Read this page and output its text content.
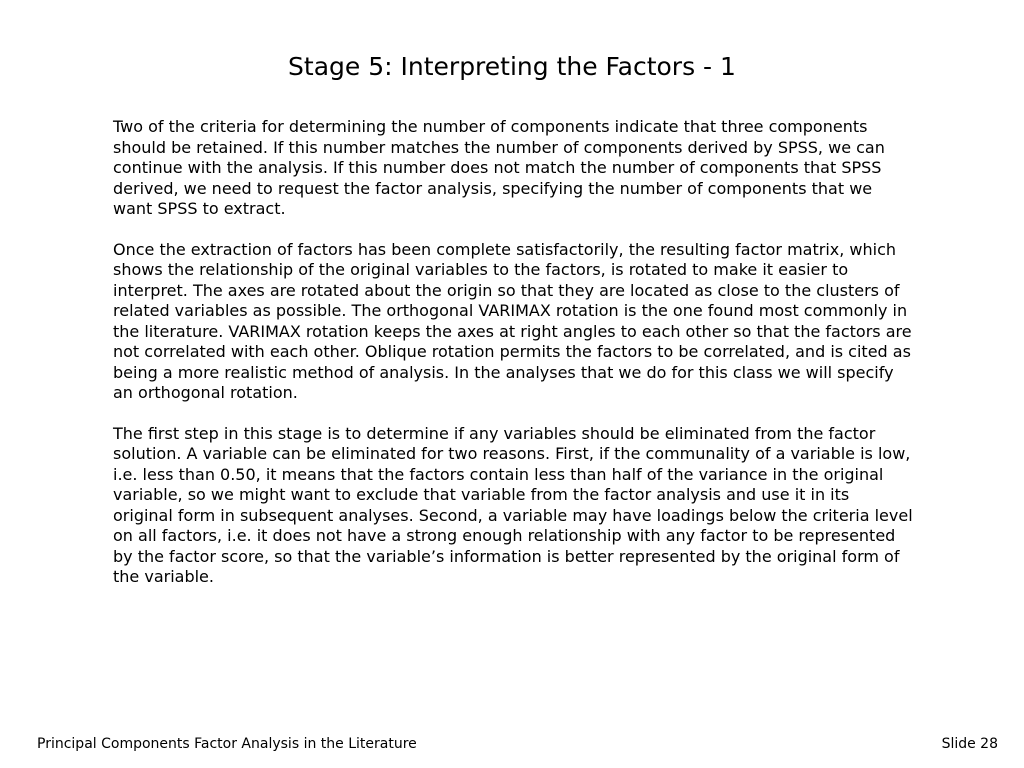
Stage 5: Interpreting the Factors - 1

Two of the criteria for determining the number of components indicate that three components should be retained. If this number matches the number of components derived by SPSS, we can continue with the analysis. If this number does not match the number of components that SPSS derived, we need to request the factor analysis, specifying the number of components that we want SPSS to extract.

Once the extraction of factors has been complete satisfactorily, the resulting factor matrix, which shows the relationship of the original variables to the factors, is rotated to make it easier to interpret. The axes are rotated about the origin so that they are located as close to the clusters of related variables as possible. The orthogonal VARIMAX rotation is the one found most commonly in the literature. VARIMAX rotation keeps the axes at right angles to each other so that the factors are not correlated with each other. Oblique rotation permits the factors to be correlated, and is cited as being a more realistic method of analysis. In the analyses that we do for this class we will specify an orthogonal rotation.

The first step in this stage is to determine if any variables should be eliminated from the factor solution. A variable can be eliminated for two reasons. First, if the communality of a variable is low, i.e. less than 0.50, it means that the factors contain less than half of the variance in the original variable, so we might want to exclude that variable from the factor analysis and use it in its original form in subsequent analyses. Second, a variable may have loadings below the criteria level on all factors, i.e. it does not have a strong enough relationship with any factor to be represented by the factor score, so that the variable’s information is better represented by the original form of the variable.

Principal Components Factor Analysis in the Literature	Slide 28
